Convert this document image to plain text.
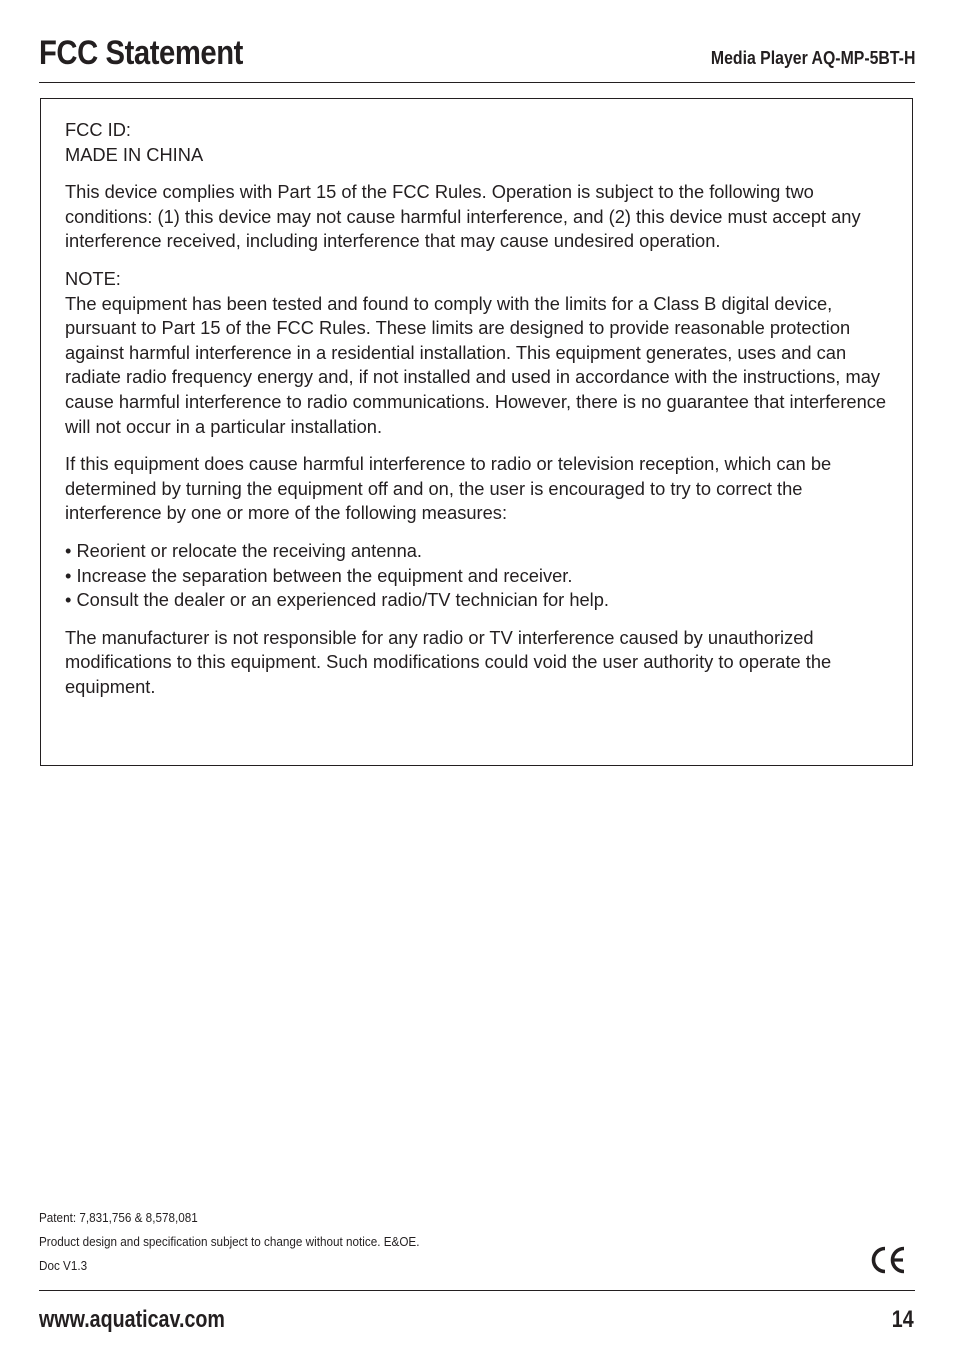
FCC Statement	Media Player AQ-MP-5BT-H

FCC ID:
MADE IN CHINA

This device complies with Part 15 of the FCC Rules. Operation is subject to the following two conditions: (1) this device may not cause harmful interference, and (2) this device must accept any interference received, including interference that may cause undesired operation.

NOTE:
The equipment has been tested and found to comply with the limits for a Class B digital device, pursuant to Part 15 of the FCC Rules. These limits are designed to provide reasonable protection against harmful interference in a residential installation. This equipment generates, uses and can radiate radio frequency energy and, if not installed and used in accordance with the instructions, may cause harmful interference to radio communications. However, there is no guarantee that interference will not occur in a particular installation.

If this equipment does cause harmful interference to radio or television reception, which can be determined by turning the equipment off and on, the user is encouraged to try to correct the interference by one or more of the following measures:

• Reorient or relocate the receiving antenna.
• Increase the separation between the equipment and receiver.
• Consult the dealer or an experienced radio/TV technician for help.

The manufacturer is not responsible for any radio or TV interference caused by unauthorized modifications to this equipment. Such modifications could void the user authority to operate the equipment.

Patent: 7,831,756 & 8,578,081
Product design and specification subject to change without notice. E&OE.
Doc V1.3
www.aquaticav.com	14
